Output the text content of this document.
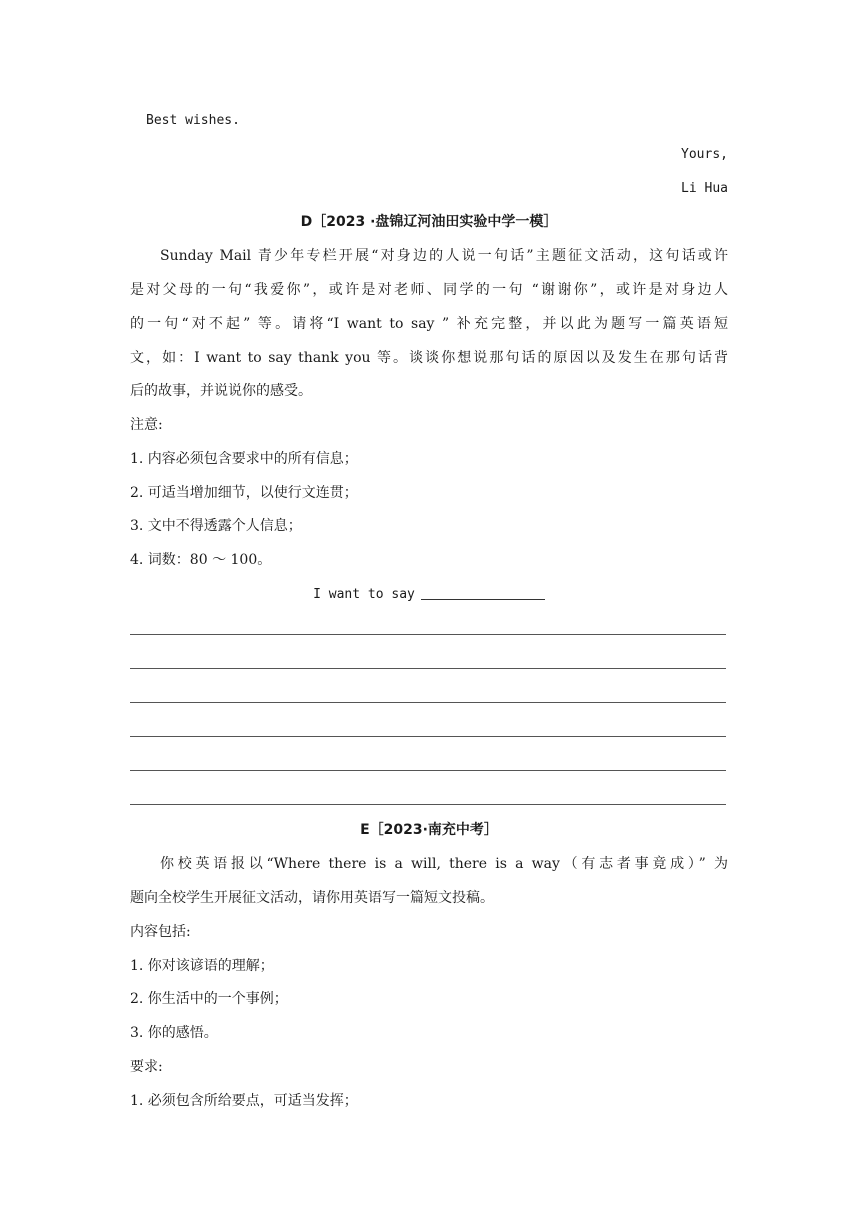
Best wishes.
Yours,
Li Hua
D［2023 ·盘锦辽河油田实验中学一模］
Sunday Mail 青少年专栏开展“对身边的人说一句话”主题征文活动，这句话或许
是对父母的一句“我爱你”，或许是对老师、同学的一句 “谢谢你”，或许是对身边人
的一句“对不起” 等。请将“I want to say ” 补充完整，并以此为题写一篇英语短
文，如：I want to say thank you 等。谈谈你想说那句话的原因以及发生在那句话背
后的故事，并说说你的感受。
注意:
1. 内容必须包含要求中的所有信息；
2. 可适当增加细节，以使行文连贯；
3. 文中不得透露个人信息；
4. 词数：80 ～ 100。
I want to say
E［2023·南充中考］
你校英语报以“Where there is a will, there is a way（有志者事竟成）” 为
题向全校学生开展征文活动，请你用英语写一篇短文投稿。
内容包括:
1. 你对该谚语的理解；
2. 你生活中的一个事例；
3. 你的感悟。
要求:
1. 必须包含所给要点，可适当发挥；
